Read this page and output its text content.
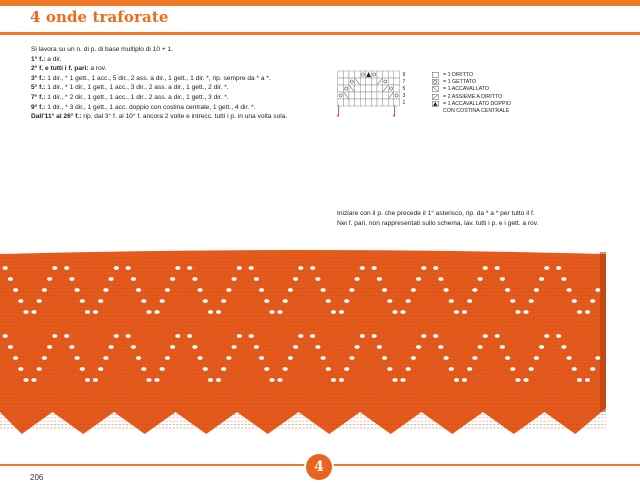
4 onde traforate

Si lavora su un n. di p. di base multiplo di 10 + 1.

1° f.: a dir.

2° f. e tutti i f. pari: a rov.

3° f.: 1 dir., * 1 gett., 1 acc., 5 dir., 2 ass. a dir., 1 gett., 1 dir. *, rip. sempre da * a *.

5° f.: 1 dir., * 1 dir., 1 gett., 1 acc., 3 dir., 2 ass. a dir., 1 gett., 2 dir. *.

7° f.: 1 dir., * 2 dir., 1 gett., 1 acc., 1 dir., 2 ass. a dir., 1 gett., 3 dir. *.

9° f.: 1 dir., * 3 dir., 1 gett., 1 acc. doppio con costina centrale, 1 gett., 4 dir. *.

Dall'11° al 26° f.: rip. dal 3° f. al 10° f. ancora 2 volte e intrecc. tutti i p. in una volta sola.

9
7
5
3
1
*	*
= 1 DIRITTO
= 1 GETTATO
= 1 ACCAVALLATO
= 2 ASSIEME A DIRITTO
= 1 ACCAVALLATO DOPPIO
CON COSTINA CENTRALE

Iniziare con il p. che precede il 1° asterisco, rip. da * a * per tutto il f.

Nei f. pari, non rappresentati sullo schema, lav. tutti i p. e i gett. a rov.

4
206
